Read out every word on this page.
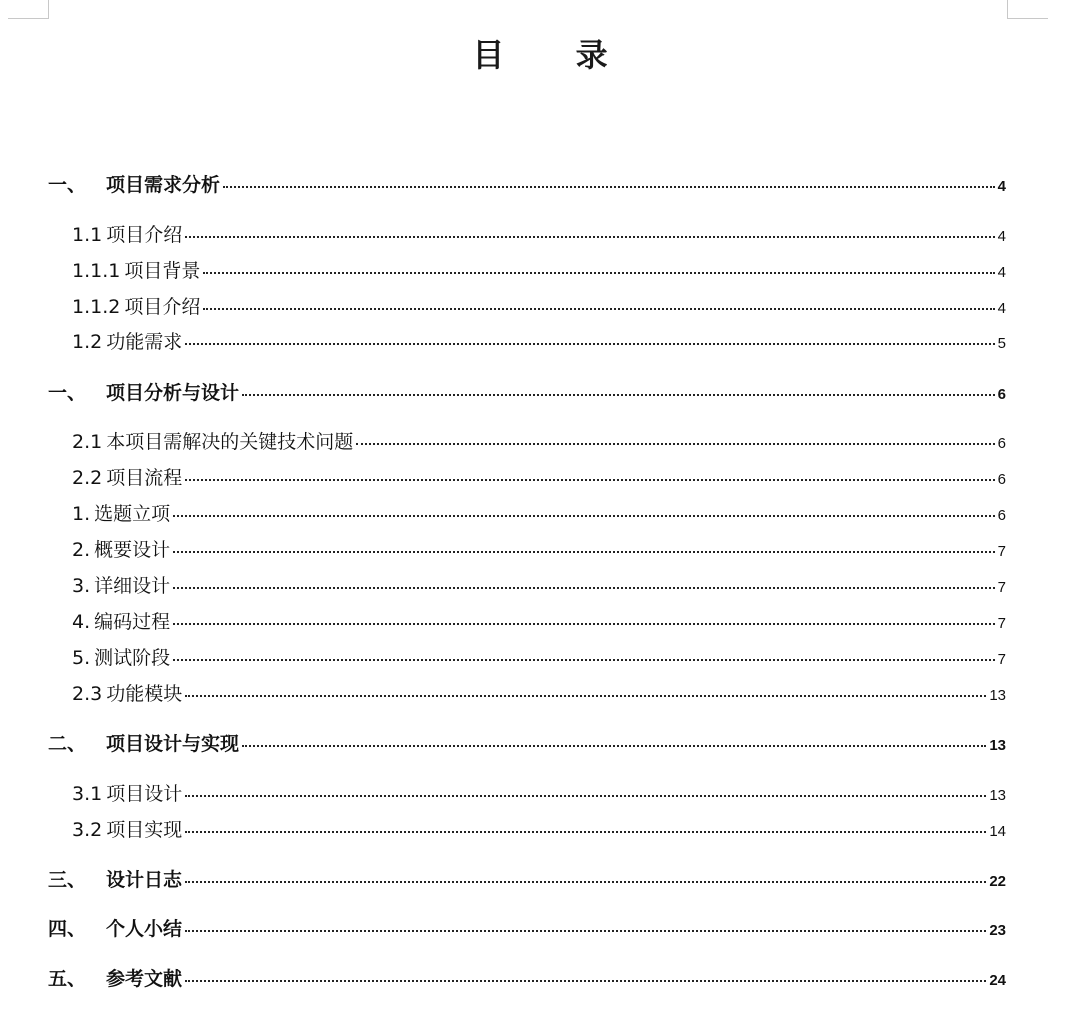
目 录
一、	项目需求分析	4
1.1 项目介绍	4
1.1.1 项目背景	4
1.1.2 项目介绍	4
1.2 功能需求	5
一、	项目分析与设计	6
2.1 本项目需解决的关键技术问题	6
2.2 项目流程	6
1. 选题立项	6
2. 概要设计	7
3. 详细设计	7
4. 编码过程	7
5. 测试阶段	7
2.3 功能模块	13
二、	项目设计与实现	13
3.1 项目设计	13
3.2 项目实现	14
三、	设计日志	22
四、	个人小结	23
五、	参考文献	24
